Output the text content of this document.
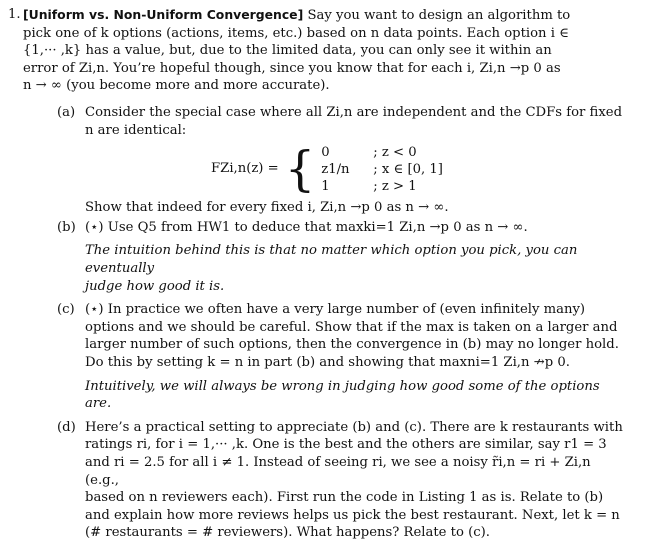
1. [Uniform vs. Non-Uniform Convergence] Say you want to design an algorithm to
pick one of k options (actions, items, etc.) based on n data points. Each option i ∈
{1,··· ,k} has a value, but, due to the limited data, you can only see it within an
error of Zi,n. You’re hopeful though, since you know that for each i, Zi,n →p 0 as
n → ∞ (you become more and more accurate).
(a) Consider the special case where all Zi,n are independent and the CDFs for fixed
n are identical:
FZi,n(z) = { 0	; z < 0
z1/n	; x ∈ [0, 1]
1	; z > 1
Show that indeed for every fixed i, Zi,n →p 0 as n → ∞.
(b) (⋆) Use Q5 from HW1 to deduce that maxki=1 Zi,n →p 0 as n → ∞.
The intuition behind this is that no matter which option you pick, you can eventually
judge how good it is.
(c) (⋆) In practice we often have a very large number of (even infinitely many)
options and we should be careful. Show that if the max is taken on a larger and
larger number of such options, then the convergence in (b) may no longer hold.
Do this by setting k = n in part (b) and showing that maxni=1 Zi,n ↛p 0.
Intuitively, we will always be wrong in judging how good some of the options are.
(d) Here’s a practical setting to appreciate (b) and (c). There are k restaurants with
ratings ri, for i = 1,··· ,k. One is the best and the others are similar, say r1 = 3
and ri = 2.5 for all i ≠ 1. Instead of seeing ri, we see a noisy r̃i,n = ri + Zi,n (e.g.,
based on n reviewers each). First run the code in Listing 1 as is. Relate to (b)
and explain how more reviews helps us pick the best restaurant. Next, let k = n
(# restaurants = # reviewers). What happens? Relate to (c).
